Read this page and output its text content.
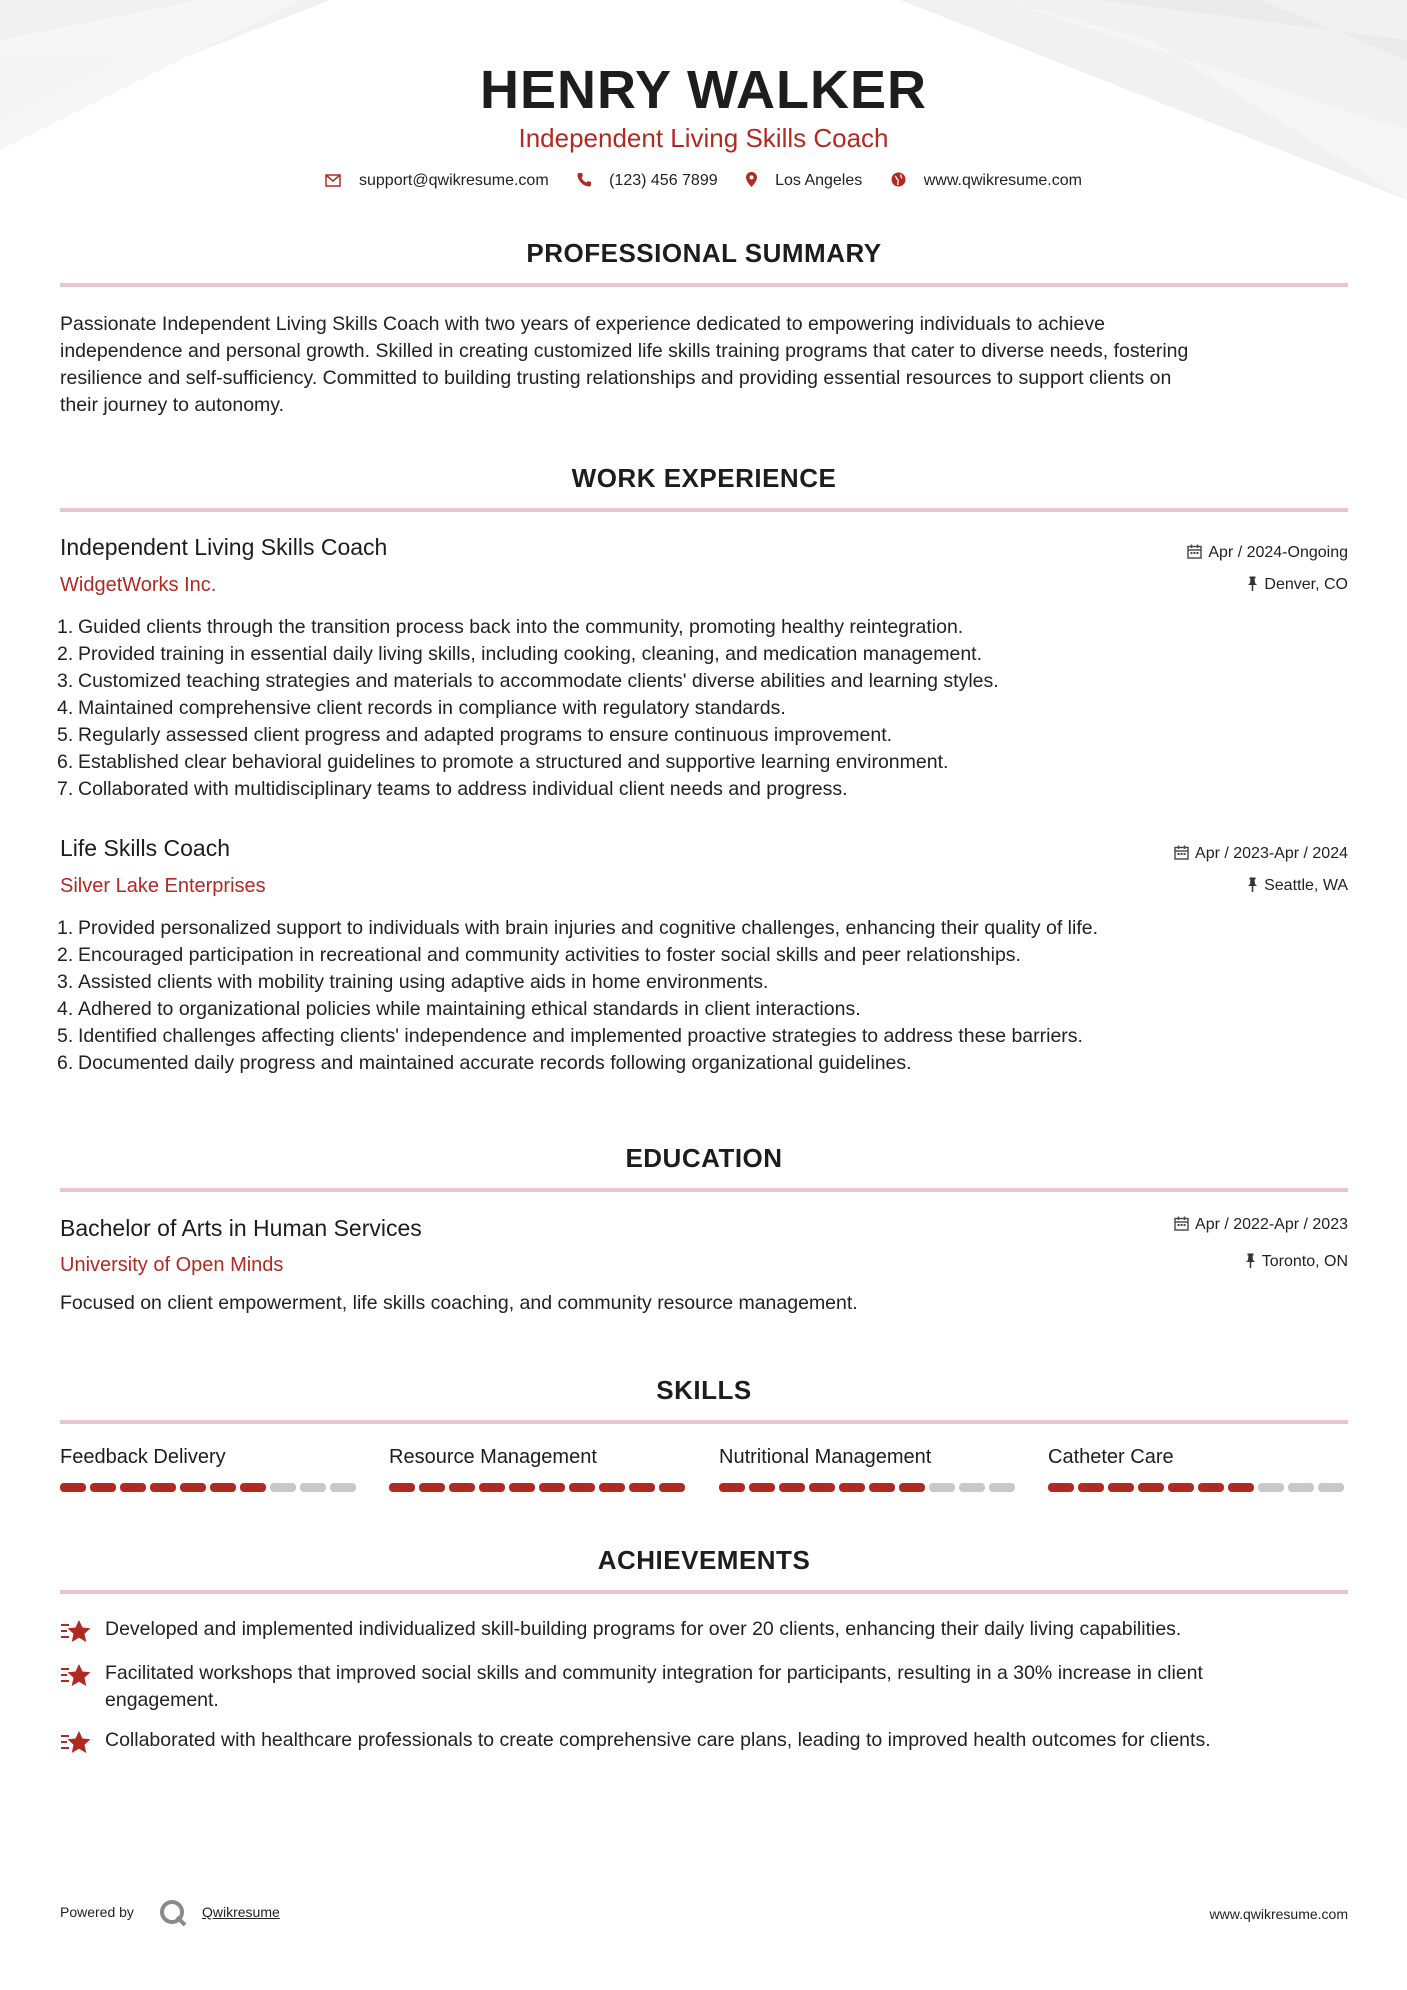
HENRY WALKER
Independent Living Skills Coach
support@qwikresume.com	(123) 456 7899	Los Angeles	www.qwikresume.com
PROFESSIONAL SUMMARY
Passionate Independent Living Skills Coach with two years of experience dedicated to empowering individuals to achieve
independence and personal growth. Skilled in creating customized life skills training programs that cater to diverse needs, fostering
resilience and self-sufficiency. Committed to building trusting relationships and providing essential resources to support clients on
their journey to autonomy.
WORK EXPERIENCE
Independent Living Skills Coach
WidgetWorks Inc.
Apr / 2024-Ongoing
Denver, CO
1. Guided clients through the transition process back into the community, promoting healthy reintegration.
2. Provided training in essential daily living skills, including cooking, cleaning, and medication management.
3. Customized teaching strategies and materials to accommodate clients' diverse abilities and learning styles.
4. Maintained comprehensive client records in compliance with regulatory standards.
5. Regularly assessed client progress and adapted programs to ensure continuous improvement.
6. Established clear behavioral guidelines to promote a structured and supportive learning environment.
7. Collaborated with multidisciplinary teams to address individual client needs and progress.
Life Skills Coach
Silver Lake Enterprises
Apr / 2023-Apr / 2024
Seattle, WA
1. Provided personalized support to individuals with brain injuries and cognitive challenges, enhancing their quality of life.
2. Encouraged participation in recreational and community activities to foster social skills and peer relationships.
3. Assisted clients with mobility training using adaptive aids in home environments.
4. Adhered to organizational policies while maintaining ethical standards in client interactions.
5. Identified challenges affecting clients' independence and implemented proactive strategies to address these barriers.
6. Documented daily progress and maintained accurate records following organizational guidelines.
EDUCATION
Bachelor of Arts in Human Services
University of Open Minds
Apr / 2022-Apr / 2023
Toronto, ON
Focused on client empowerment, life skills coaching, and community resource management.
SKILLS
Feedback Delivery	Resource Management	Nutritional Management	Catheter Care
ACHIEVEMENTS
Developed and implemented individualized skill-building programs for over 20 clients, enhancing their daily living capabilities.
Facilitated workshops that improved social skills and community integration for participants, resulting in a 30% increase in client
engagement.
Collaborated with healthcare professionals to create comprehensive care plans, leading to improved health outcomes for clients.
Powered by	Qwikresume	www.qwikresume.com
